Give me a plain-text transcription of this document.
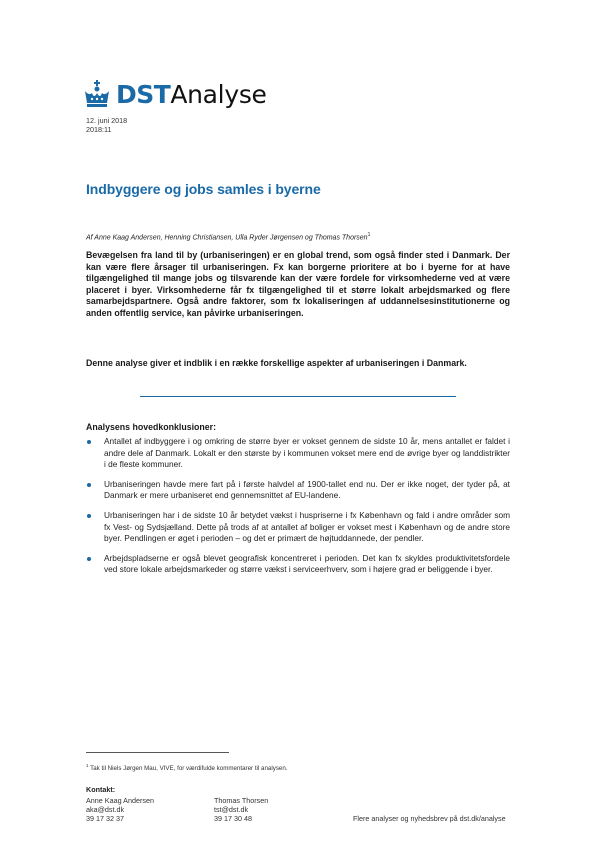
DST Analyse
12. juni 2018
2018:11
Indbyggere og jobs samles i byerne
Af Anne Kaag Andersen, Henning Christiansen, Ulla Ryder Jørgensen og Thomas Thorsen$^1$
Bevægelsen fra land til by (urbaniseringen) er en global trend, som også finder sted i Danmark. Der kan være flere årsager til urbaniseringen. Fx kan borgerne prioritere at bo i byerne for at have tilgængelighed til mange jobs og tilsvarende kan der være fordele for virksomhederne ved at være placeret i byer. Virksomhederne får fx tilgængelighed til et større lokalt arbejdsmarked og flere samarbejdspartnere. Også andre faktorer, som fx lokaliseringen af uddannelsesinstitutionerne og anden offentlig service, kan påvirke urbaniseringen.
Denne analyse giver et indblik i en række forskellige aspekter af urbaniseringen i Danmark.
Analysens hovedkonklusioner:
Antallet af indbyggere i og omkring de større byer er vokset gennem de sidste 10 år, mens antallet er faldet i andre dele af Danmark. Lokalt er den største by i kommunen vokset mere end de øvrige byer og landdistrikter i de fleste kommuner.
Urbaniseringen havde mere fart på i første halvdel af 1900-tallet end nu. Der er ikke noget, der tyder på, at Danmark er mere urbaniseret end gennemsnittet af EU-landene.
Urbaniseringen har i de sidste 10 år betydet vækst i huspriserne i fx København og fald i andre områder som fx Vest- og Sydsjælland. Dette på trods af at antallet af boliger er vokset mest i København og de andre store byer. Pendlingen er øget i perioden – og det er primært de højtuddannede, der pendler.
Arbejdspladserne er også blevet geografisk koncentreret i perioden. Det kan fx skyldes produktivitetsfordele ved store lokale arbejdsmarkeder og større vækst i serviceerhverv, som i højere grad er beliggende i byer.
$^1$ Tak til Niels Jørgen Mau, VIVE, for værdifulde kommentarer til analysen.
Kontakt:
Anne Kaag Andersen
aka@dst.dk
39 17 32 37
Thomas Thorsen
tst@dst.dk
39 17 30 48	Flere analyser og nyhedsbrev på dst.dk/analyse
